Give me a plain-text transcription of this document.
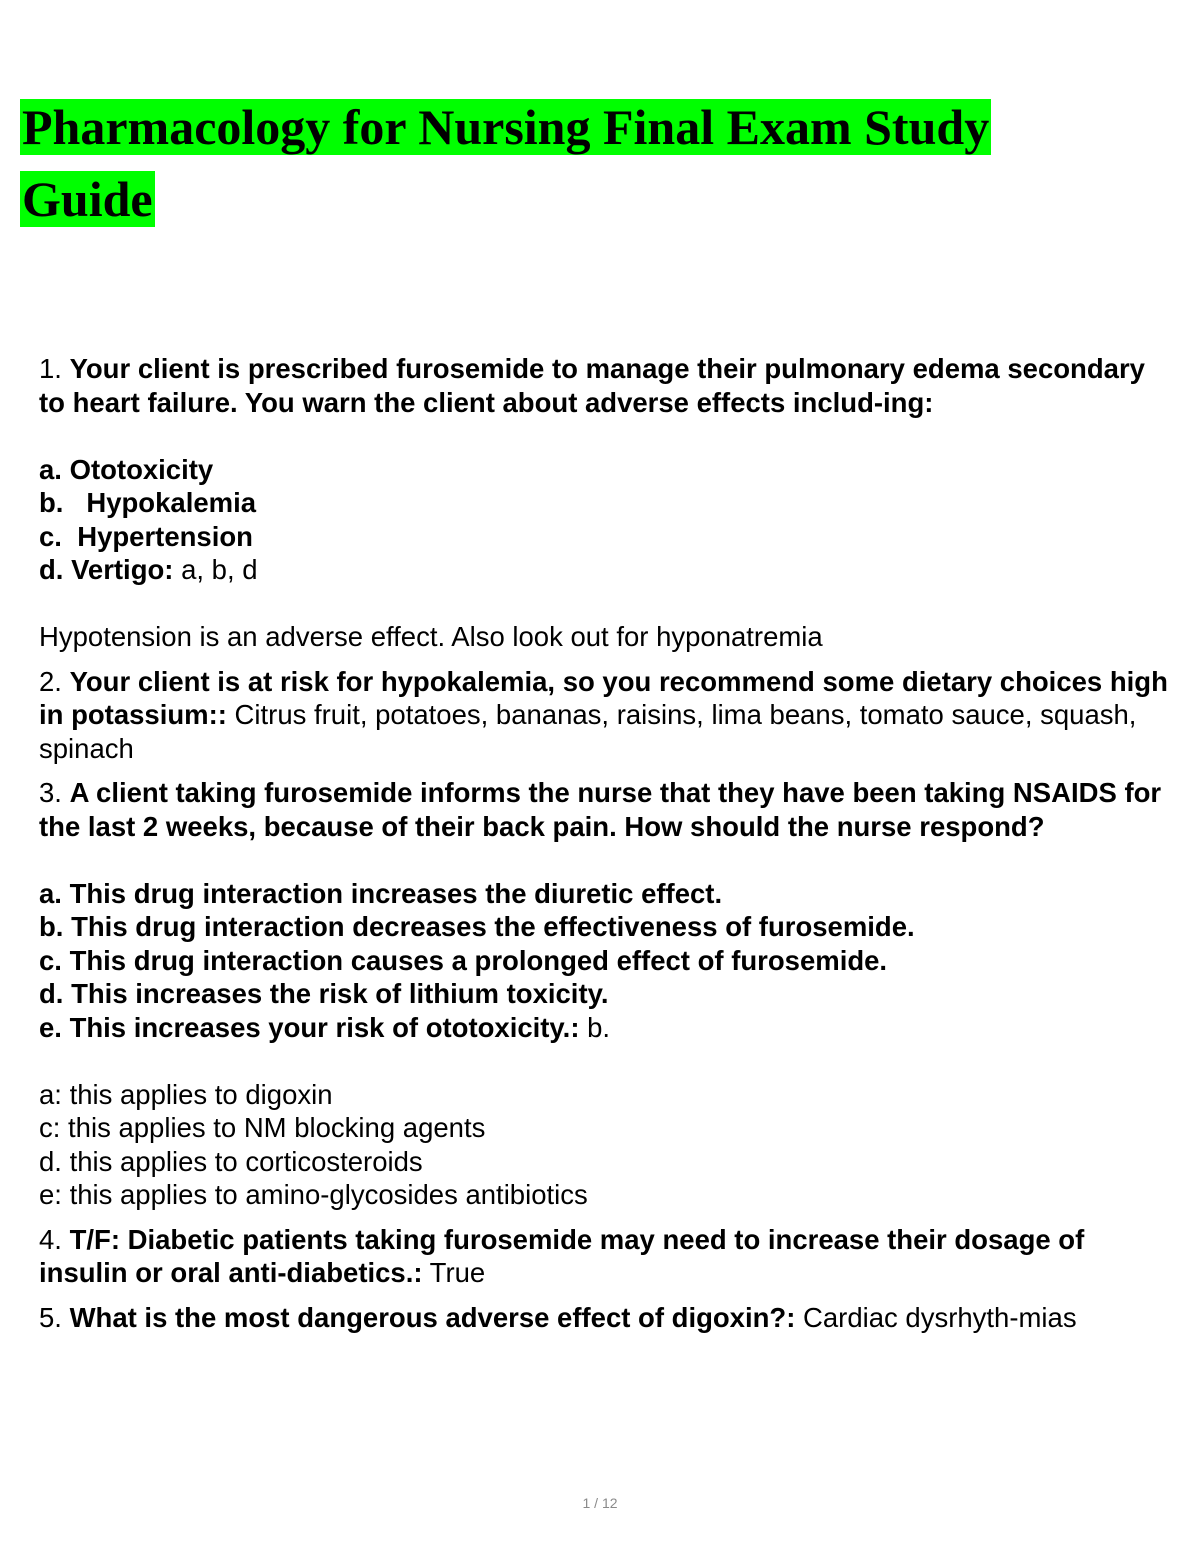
Pharmacology for Nursing Final Exam Study Guide

1. Your client is prescribed furosemide to manage their pulmonary edema secondary to heart failure. You warn the client about adverse effects includ-ing:

a. Ototoxicity

b.   Hypokalemia

c.  Hypertension

d. Vertigo: a, b, d

Hypotension is an adverse effect. Also look out for hyponatremia

2. Your client is at risk for hypokalemia, so you recommend some dietary choices high in potassium:: Citrus fruit, potatoes, bananas, raisins, lima beans, tomato sauce, squash, spinach

3. A client taking furosemide informs the nurse that they have been taking NSAIDS for the last 2 weeks, because of their back pain. How should the nurse respond?

a. This drug interaction increases the diuretic effect.

b. This drug interaction decreases the effectiveness of furosemide.

c. This drug interaction causes a prolonged effect of furosemide.

d. This increases the risk of lithium toxicity.

e. This increases your risk of ototoxicity.: b.

a: this applies to digoxin

c: this applies to NM blocking agents

d. this applies to corticosteroids

e: this applies to amino-glycosides antibiotics

4. T/F: Diabetic patients taking furosemide may need to increase their dosage of insulin or oral anti-diabetics.: True

5. What is the most dangerous adverse effect of digoxin?: Cardiac dysrhyth-mias

1 / 12
